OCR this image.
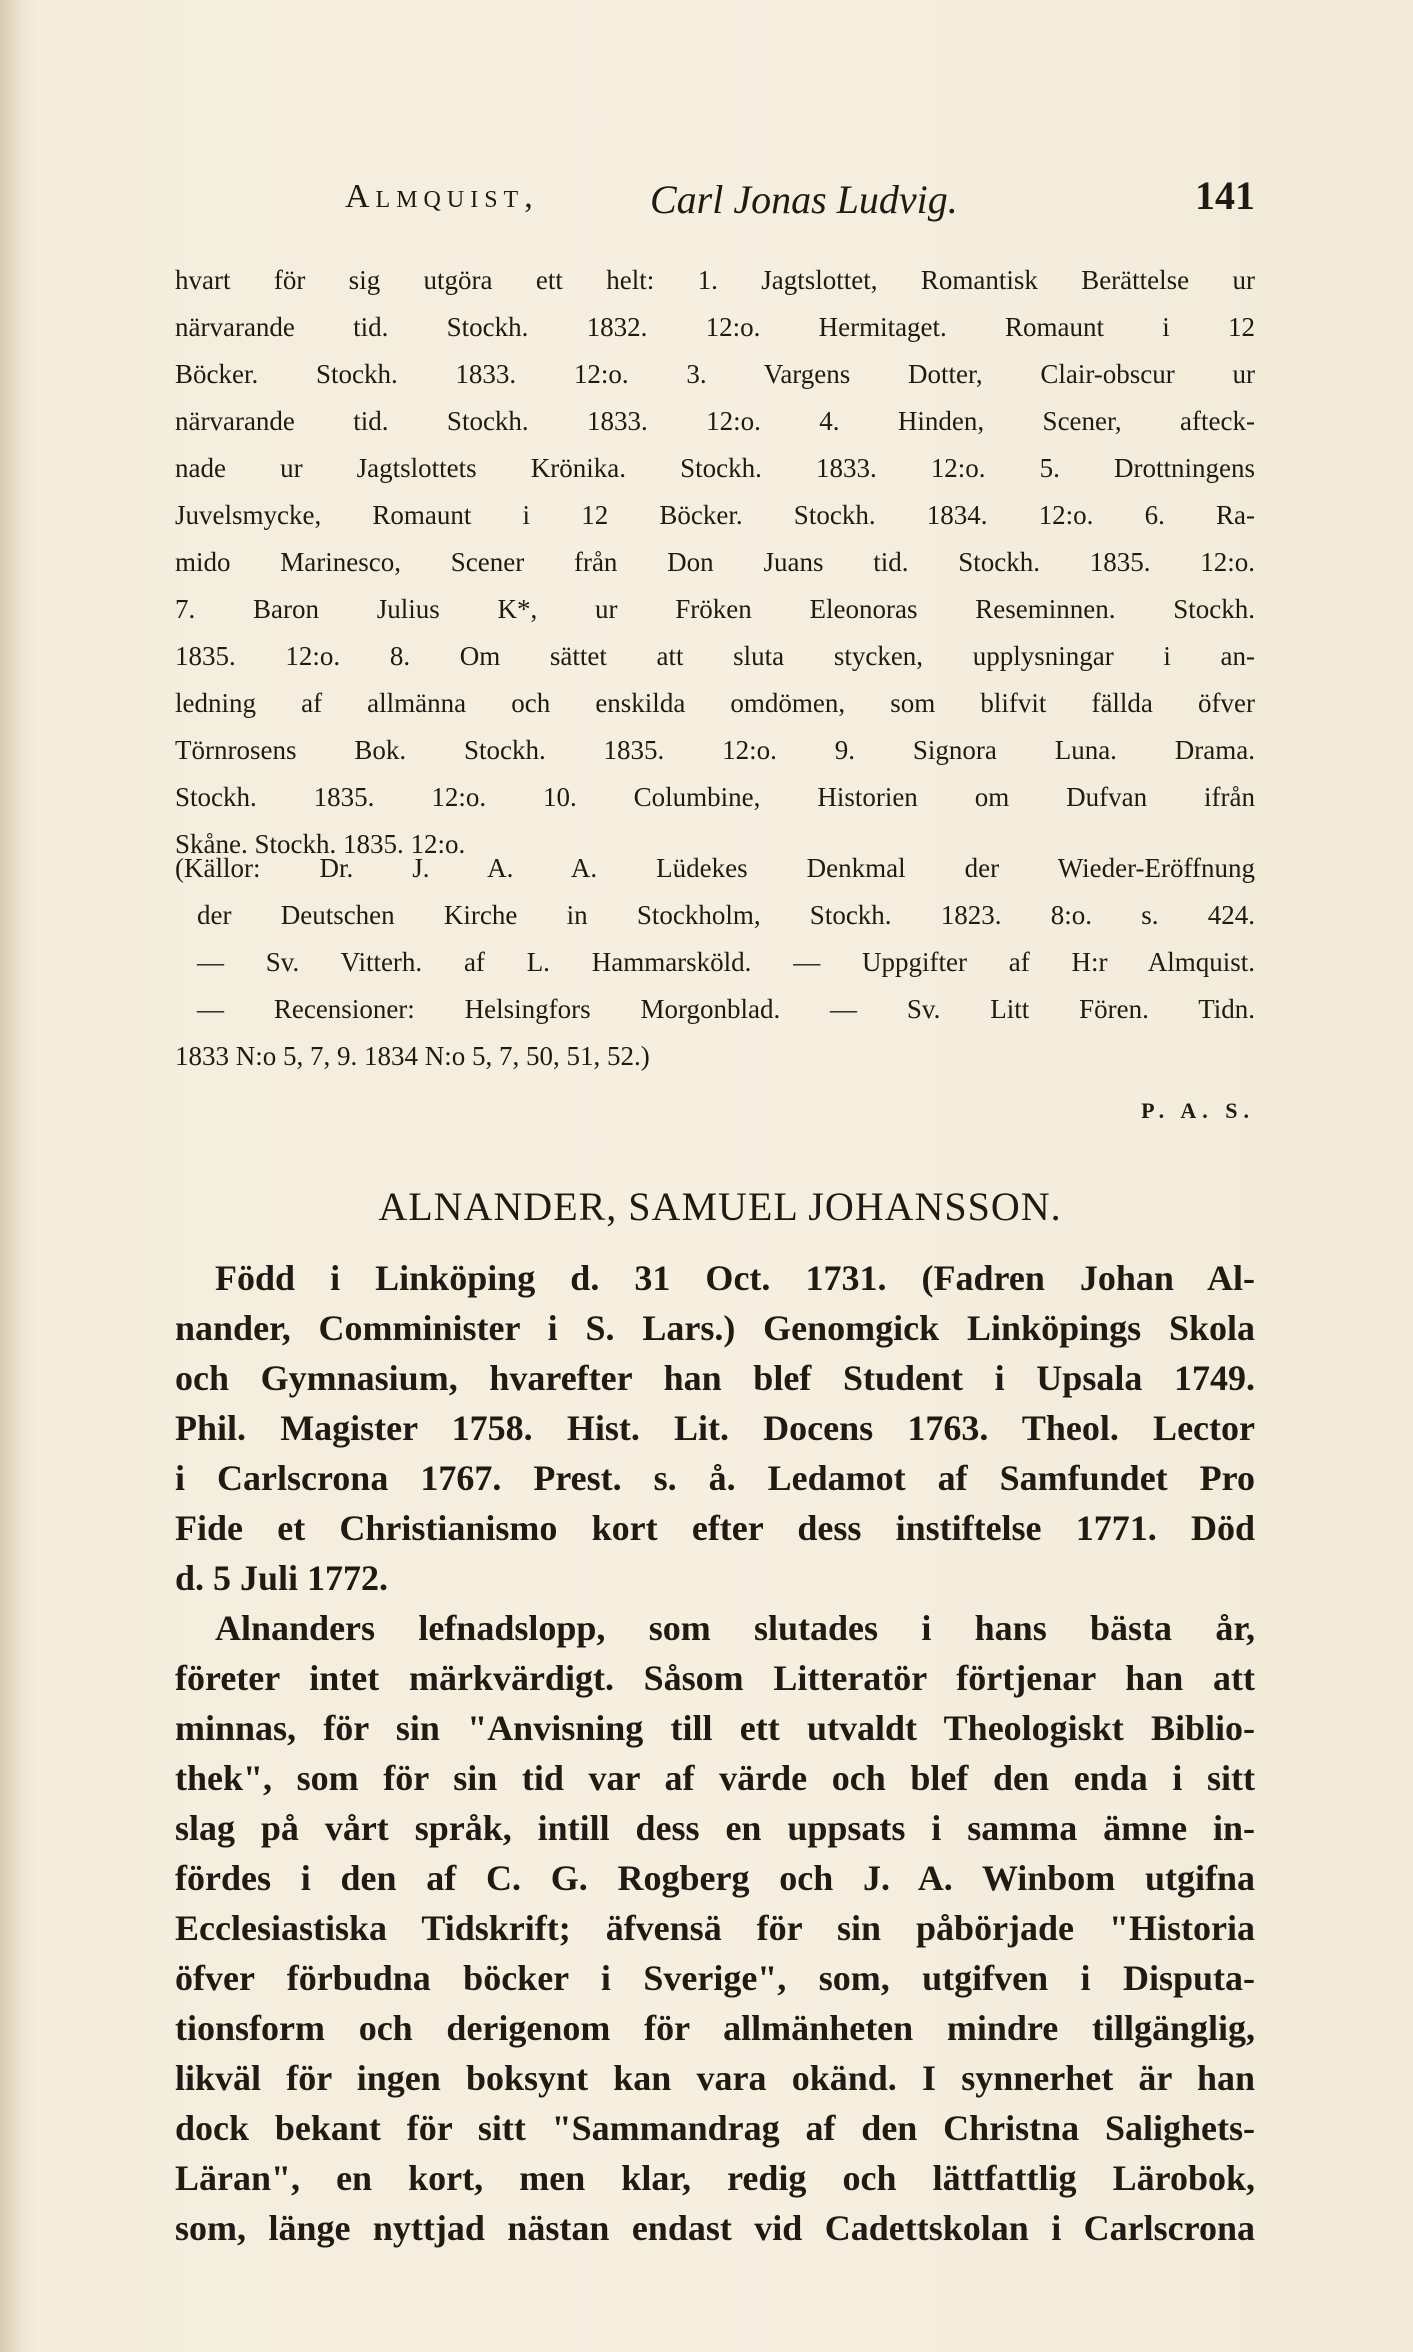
Almquist,	Carl Jonas Ludvig.	141
hvart för sig utgöra ett helt: 1. Jagtslottet, Romantisk Berättelse ur
närvarande tid. Stockh. 1832. 12:o. Hermitaget. Romaunt i 12
Böcker. Stockh. 1833. 12:o. 3. Vargens Dotter, Clair-obscur ur
närvarande tid. Stockh. 1833. 12:o. 4. Hinden, Scener, afteck-
nade ur Jagtslottets Krönika. Stockh. 1833. 12:o. 5. Drottningens
Juvelsmycke, Romaunt i 12 Böcker. Stockh. 1834. 12:o. 6. Ra-
mido Marinesco, Scener från Don Juans tid. Stockh. 1835. 12:o.
7. Baron Julius K*, ur Fröken Eleonoras Reseminnen. Stockh.
1835. 12:o. 8. Om sättet att sluta stycken, upplysningar i an-
ledning af allmänna och enskilda omdömen, som blifvit fällda öfver
Törnrosens Bok. Stockh. 1835. 12:o. 9. Signora Luna. Drama.
Stockh. 1835. 12:o. 10. Columbine, Historien om Dufvan ifrån
Skåne. Stockh. 1835. 12:o.
(Källor: Dr. J. A. A. Lüdekes Denkmal der Wieder-Eröffnung
der Deutschen Kirche in Stockholm, Stockh. 1823. 8:o. s. 424.
— Sv. Vitterh. af L. Hammarsköld. — Uppgifter af H:r Almquist.
— Recensioner: Helsingfors Morgonblad. — Sv. Litt Fören. Tidn.
1833 N:o 5, 7, 9. 1834 N:o 5, 7, 50, 51, 52.)
P. A. S.
ALNANDER, SAMUEL JOHANSSON.
Född i Linköping d. 31 Oct. 1731. (Fadren Johan Al-
nander, Comminister i S. Lars.) Genomgick Linköpings Skola
och Gymnasium, hvarefter han blef Student i Upsala 1749.
Phil. Magister 1758. Hist. Lit. Docens 1763. Theol. Lector
i Carlscrona 1767. Prest. s. å. Ledamot af Samfundet Pro
Fide et Christianismo kort efter dess instiftelse 1771. Död
d. 5 Juli 1772.
Alnanders lefnadslopp, som slutades i hans bästa år,
företer intet märkvärdigt. Såsom Litteratör förtjenar han att
minnas, för sin "Anvisning till ett utvaldt Theologiskt Biblio-
thek", som för sin tid var af värde och blef den enda i sitt
slag på vårt språk, intill dess en uppsats i samma ämne in-
fördes i den af C. G. Rogberg och J. A. Winbom utgifna
Ecclesiastiska Tidskrift; äfvensä för sin påbörjade "Historia
öfver förbudna böcker i Sverige", som, utgifven i Disputa-
tionsform och derigenom för allmänheten mindre tillgänglig,
likväl för ingen boksynt kan vara okänd. I synnerhet är han
dock bekant för sitt "Sammandrag af den Christna Salighets-
Läran", en kort, men klar, redig och lättfattlig Lärobok,
som, länge nyttjad nästan endast vid Cadettskolan i Carlscrona
